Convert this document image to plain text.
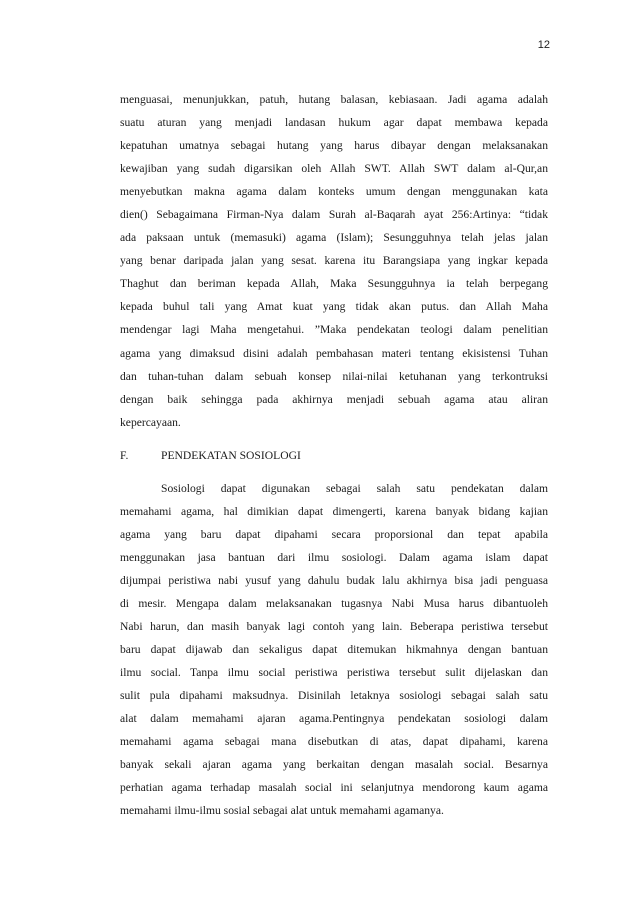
12
menguasai, menunjukkan, patuh, hutang balasan, kebiasaan. Jadi agama adalah
suatu aturan yang menjadi landasan hukum agar dapat membawa kepada
kepatuhan umatnya sebagai hutang yang harus dibayar dengan melaksanakan
kewajiban yang sudah digarsikan oleh Allah SWT. Allah SWT dalam al-Qur,an
menyebutkan makna agama dalam konteks umum dengan menggunakan kata
dien() Sebagaimana Firman-Nya dalam Surah al-Baqarah ayat 256:Artinya: “tidak
ada paksaan untuk (memasuki) agama (Islam); Sesungguhnya telah jelas jalan
yang benar daripada jalan yang sesat. karena itu Barangsiapa yang ingkar kepada
Thaghut dan beriman kepada Allah, Maka Sesungguhnya ia telah berpegang
kepada buhul tali yang Amat kuat yang tidak akan putus. dan Allah Maha
mendengar lagi Maha mengetahui. ”Maka pendekatan teologi dalam penelitian
agama yang dimaksud disini adalah pembahasan materi tentang ekisistensi Tuhan
dan tuhan-tuhan dalam sebuah konsep nilai-nilai ketuhanan yang terkontruksi
dengan baik sehingga pada akhirnya menjadi sebuah agama atau aliran
kepercayaan.
F.	PENDEKATAN SOSIOLOGI
Sosiologi dapat digunakan sebagai salah satu pendekatan dalam
memahami agama, hal dimikian dapat dimengerti, karena banyak bidang kajian
agama yang baru dapat dipahami secara proporsional dan tepat apabila
menggunakan jasa bantuan dari ilmu sosiologi. Dalam agama islam dapat
dijumpai peristiwa nabi yusuf yang dahulu budak lalu akhirnya bisa jadi penguasa
di mesir. Mengapa dalam melaksanakan tugasnya Nabi Musa harus dibantuoleh
Nabi harun, dan masih banyak lagi contoh yang lain. Beberapa peristiwa tersebut
baru dapat dijawab dan sekaligus dapat ditemukan hikmahnya dengan bantuan
ilmu social. Tanpa ilmu social peristiwa peristiwa tersebut sulit dijelaskan dan
sulit pula dipahami maksudnya. Disinilah letaknya sosiologi sebagai salah satu
alat dalam memahami ajaran agama.Pentingnya pendekatan sosiologi dalam
memahami agama sebagai mana disebutkan di atas, dapat dipahami, karena
banyak sekali ajaran agama yang berkaitan dengan masalah social. Besarnya
perhatian agama terhadap masalah social ini selanjutnya mendorong kaum agama
memahami ilmu-ilmu sosial sebagai alat untuk memahami agamanya.
